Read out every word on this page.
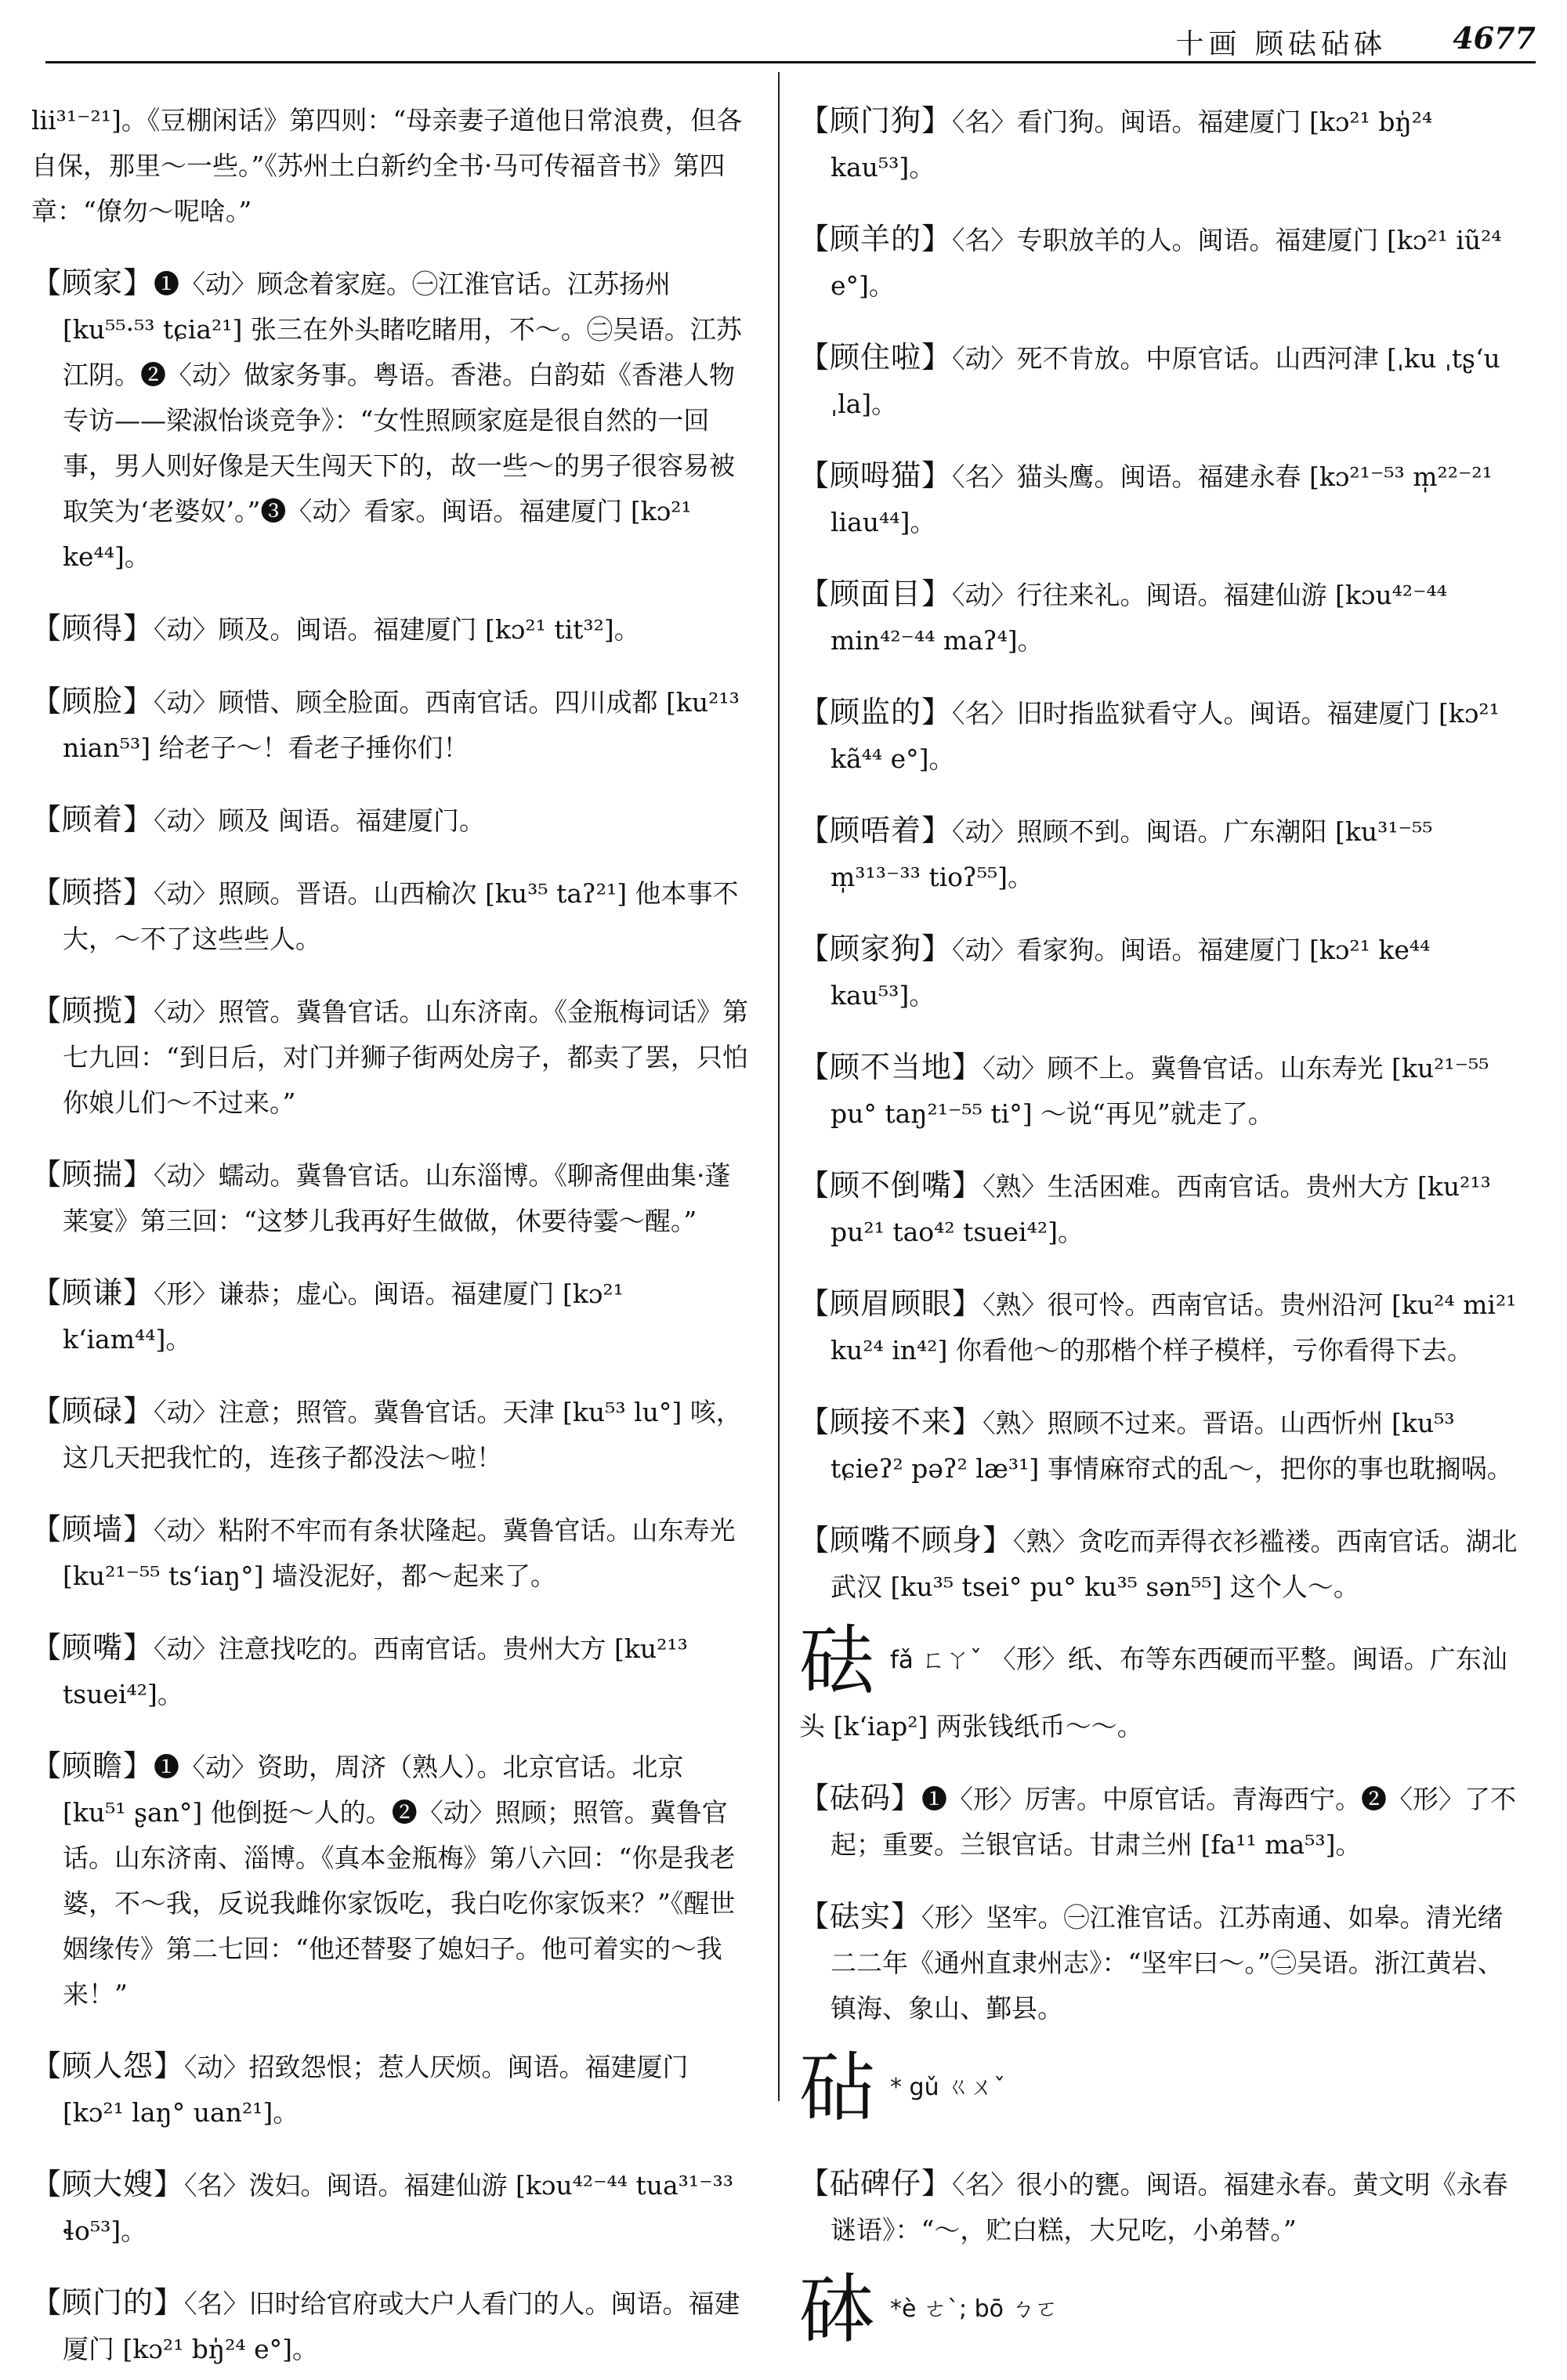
十画 顾砝砧砵 4677

lii³¹⁻²¹]。《豆棚闲话》第四则：“母亲妻子道他日常浪费，但各自保，那里～一些。”《苏州土白新约全书·马可传福音书》第四章：“僚勿～呢啥。”

【 顾家 】 ❶〈动〉顾念着家庭。㊀江淮官话。江苏扬州 [ku⁵⁵·⁵³ tɕia²¹] 张三在外头睹吃睹用，不～。㊁吴语。江苏江阴。❷〈动〉做家务事。粤语。香港。白韵茹《香港人物专访——梁淑怡谈竞争》：“女性照顾家庭是很自然的一回事，男人则好像是天生闯天下的，故一些～的男子很容易被取笑为‘老婆奴’。”❸〈动〉看家。闽语。福建厦门 [kɔ²¹ ke⁴⁴]。

【 顾得 】 〈动〉顾及。闽语。福建厦门 [kɔ²¹ tit³²]。

【 顾脸 】 〈动〉顾惜、顾全脸面。西南官话。四川成都 [ku²¹³ nian⁵³] 给老子～！看老子捶你们！

【 顾着 】 〈动〉顾及 闽语。福建厦门。

【 顾搭 】 〈动〉照顾。晋语。山西榆次 [ku³⁵ taʔ²¹] 他本事不大，～不了这些些人。

【 顾揽 】 〈动〉照管。冀鲁官话。山东济南。《金瓶梅词话》第七九回：“到日后，对门并狮子街两处房子，都卖了罢，只怕你娘儿们～不过来。”

【 顾揣 】 〈动〉蠕动。冀鲁官话。山东淄博。《聊斋俚曲集·蓬莱宴》第三回：“这梦儿我再好生做做，休要待霎～醒。”

【 顾谦 】 〈形〉谦恭；虚心。闽语。福建厦门 [kɔ²¹ k‘iam⁴⁴]。

【 顾碌 】 〈动〉注意；照管。冀鲁官话。天津 [ku⁵³ lu°] 咳，这几天把我忙的，连孩子都没法～啦！

【 顾墙 】 〈动〉粘附不牢而有条状隆起。冀鲁官话。山东寿光 [ku²¹⁻⁵⁵ ts‘iaŋ°] 墙没泥好，都～起来了。

【 顾嘴 】 〈动〉注意找吃的。西南官话。贵州大方 [ku²¹³ tsuei⁴²]。

【 顾瞻 】 ❶〈动〉资助，周济（熟人）。北京官话。北京 [ku⁵¹ ʂan°] 他倒挺～人的。❷〈动〉照顾；照管。冀鲁官话。山东济南、淄博。《真本金瓶梅》第八六回：“你是我老婆，不～我，反说我雌你家饭吃，我白吃你家饭来？”《醒世姻缘传》第二七回：“他还替娶了媳妇子。他可着实的～我来！”

【 顾人怨 】 〈动〉招致怨恨；惹人厌烦。闽语。福建厦门 [kɔ²¹ laŋ° uan²¹]。

【 顾大嫂 】 〈名〉泼妇。闽语。福建仙游 [kɔu⁴²⁻⁴⁴ tua³¹⁻³³ ɬo⁵³]。

【 顾门的 】 〈名〉旧时给官府或大户人看门的人。闽语。福建厦门 [kɔ²¹ bŋ̍²⁴ e°]。

【 顾门狗 】 〈名〉看门狗。闽语。福建厦门 [kɔ²¹ bŋ̍²⁴ kau⁵³]。

【 顾羊的 】 〈名〉专职放羊的人。闽语。福建厦门 [kɔ²¹ iũ²⁴ e°]。

【 顾住啦 】 〈动〉死不肯放。中原官话。山西河津 [ˌku ˌtʂ‘u ˌla]。

【 顾呣猫 】 〈名〉猫头鹰。闽语。福建永春 [kɔ²¹⁻⁵³ m̩²²⁻²¹ liau⁴⁴]。

【 顾面目 】 〈动〉行往来礼。闽语。福建仙游 [kɔu⁴²⁻⁴⁴ min⁴²⁻⁴⁴ maʔ⁴]。

【 顾监的 】 〈名〉旧时指监狱看守人。闽语。福建厦门 [kɔ²¹ kã⁴⁴ e°]。

【 顾唔着 】 〈动〉照顾不到。闽语。广东潮阳 [ku³¹⁻⁵⁵ m̩³¹³⁻³³ tioʔ⁵⁵]。

【 顾家狗 】 〈动〉看家狗。闽语。福建厦门 [kɔ²¹ ke⁴⁴ kau⁵³]。

【 顾不当地 】 〈动〉顾不上。冀鲁官话。山东寿光 [ku²¹⁻⁵⁵ pu° taŋ²¹⁻⁵⁵ ti°] ～说“再见”就走了。

【 顾不倒嘴 】 〈熟〉生活困难。西南官话。贵州大方 [ku²¹³ pu²¹ tao⁴² tsuei⁴²]。

【 顾眉顾眼 】 〈熟〉很可怜。西南官话。贵州沿河 [ku²⁴ mi²¹ ku²⁴ in⁴²] 你看他～的那楷个样子模样，亏你看得下去。

【 顾接不来 】 〈熟〉照顾不过来。晋语。山西忻州 [ku⁵³ tɕieʔ² pəʔ² læ³¹] 事情麻帘式的乱～，把你的事也耽搁㖞。

【 顾嘴不顾身 】 〈熟〉贪吃而弄得衣衫褴褛。西南官话。湖北武汉 [ku³⁵ tsei° pu° ku³⁵ sən⁵⁵] 这个人～。

砝fǎ ㄈㄚˇ 〈形〉纸、布等东西硬而平整。闽语。广东汕头 [k‘iap²] 两张钱纸币～～。

【 砝码 】 ❶〈形〉厉害。中原官话。青海西宁。❷〈形〉了不起；重要。兰银官话。甘肃兰州 [fa¹¹ ma⁵³]。

【 砝实 】 〈形〉坚牢。㊀江淮官话。江苏南通、如皋。清光绪二二年《通州直隶州志》：“坚牢曰～。”㊁吴语。浙江黄岩、镇海、象山、鄞县。

砧 * gǔ ㄍㄨˇ

【 砧碑仔 】 〈名〉很小的甕。闽语。福建永春。黄文明《永春谜语》：“～，贮白糕，大兄吃，小弟替。”

砵 *è ㄜˋ; bō ㄅㄛ
